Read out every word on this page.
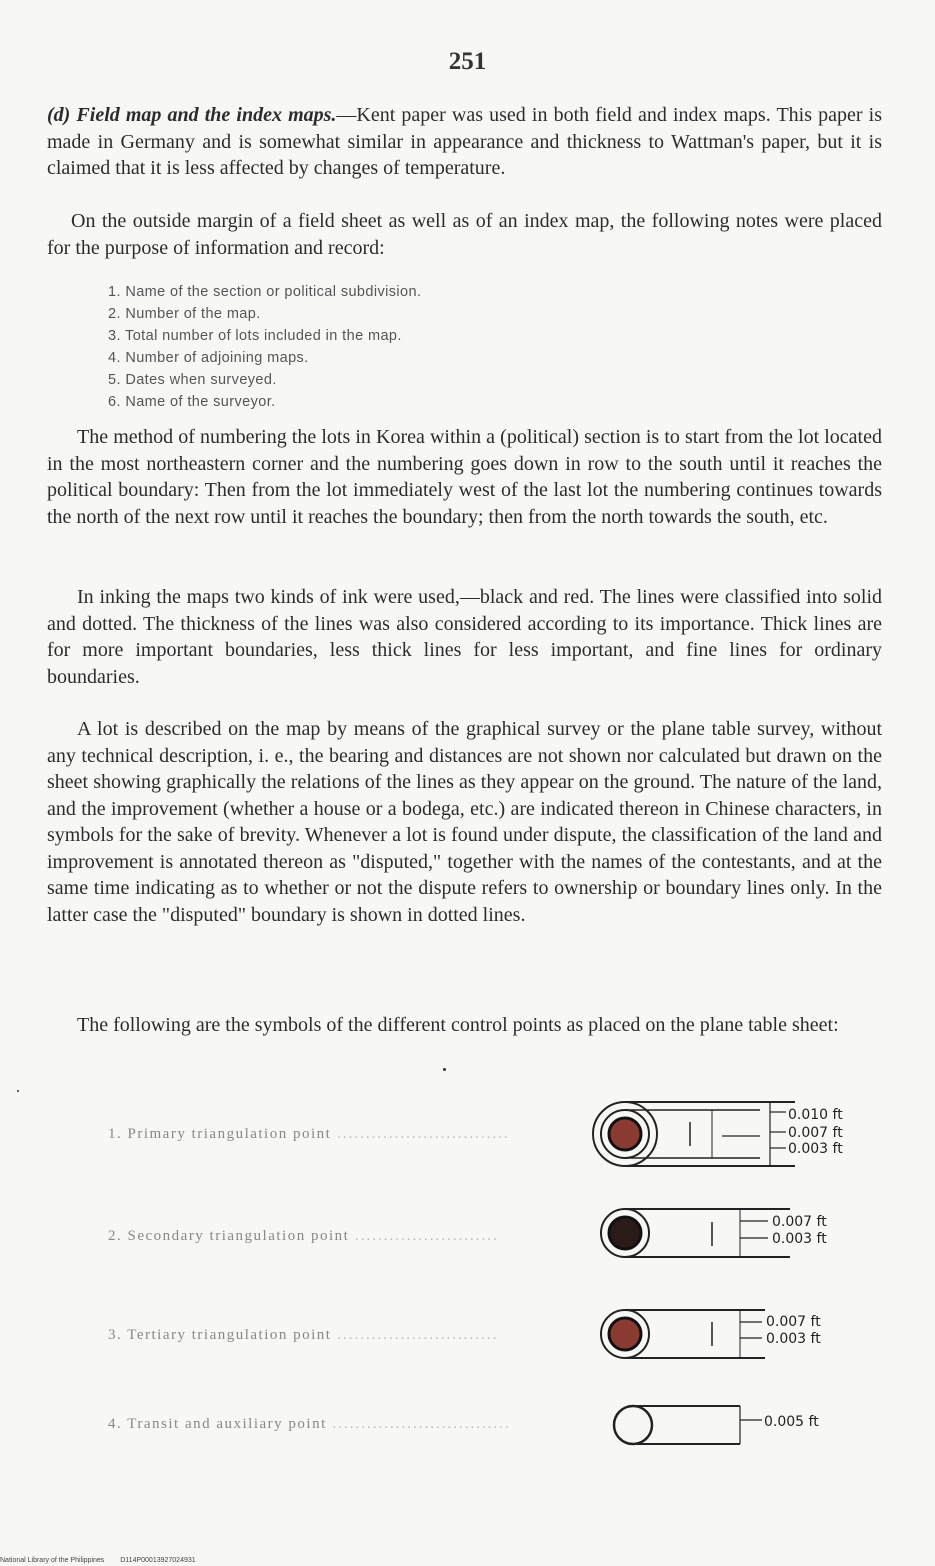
251

(d) Field map and the index maps.—Kent paper was used in both field and index maps. This paper is made in Germany and is somewhat similar in appearance and thickness to Wattman's paper, but it is claimed that it is less affected by changes of temperature.

On the outside margin of a field sheet as well as of an index map, the following notes were placed for the purpose of information and record:

1. Name of the section or political subdivision.
2. Number of the map.
3. Total number of lots included in the map.
4. Number of adjoining maps.
5. Dates when surveyed.
6. Name of the surveyor.

The method of numbering the lots in Korea within a (political) section is to start from the lot located in the most northeastern corner and the numbering goes down in row to the south until it reaches the political boundary: Then from the lot immediately west of the last lot the numbering continues towards the north of the next row until it reaches the boundary; then from the north towards the south, etc.

In inking the maps two kinds of ink were used,—black and red. The lines were classified into solid and dotted. The thickness of the lines was also considered according to its importance. Thick lines are for more important boundaries, less thick lines for less important, and fine lines for ordinary boundaries.

A lot is described on the map by means of the graphical survey or the plane table survey, without any technical description, i. e., the bearing and distances are not shown nor calculated but drawn on the sheet showing graphically the relations of the lines as they appear on the ground. The nature of the land, and the improvement (whether a house or a bodega, etc.) are indicated thereon in Chinese characters, in symbols for the sake of brevity. Whenever a lot is found under dispute, the classification of the land and improvement is annotated thereon as "disputed," together with the names of the contestants, and at the same time indicating as to whether or not the dispute refers to ownership or boundary lines only. In the latter case the "disputed" boundary is shown in dotted lines.

The following are the symbols of the different control points as placed on the plane table sheet:

1. Primary triangulation point ..............................
2. Secondary triangulation point .........................
3. Tertiary triangulation point ............................
4. Transit and auxiliary point ...............................
0.010 ft
0.007 ft
0.003 ft
0.007 ft
0.003 ft
0.007 ft
0.003 ft
0.005 ft
National Library of the Philippines D114P00013927024931
